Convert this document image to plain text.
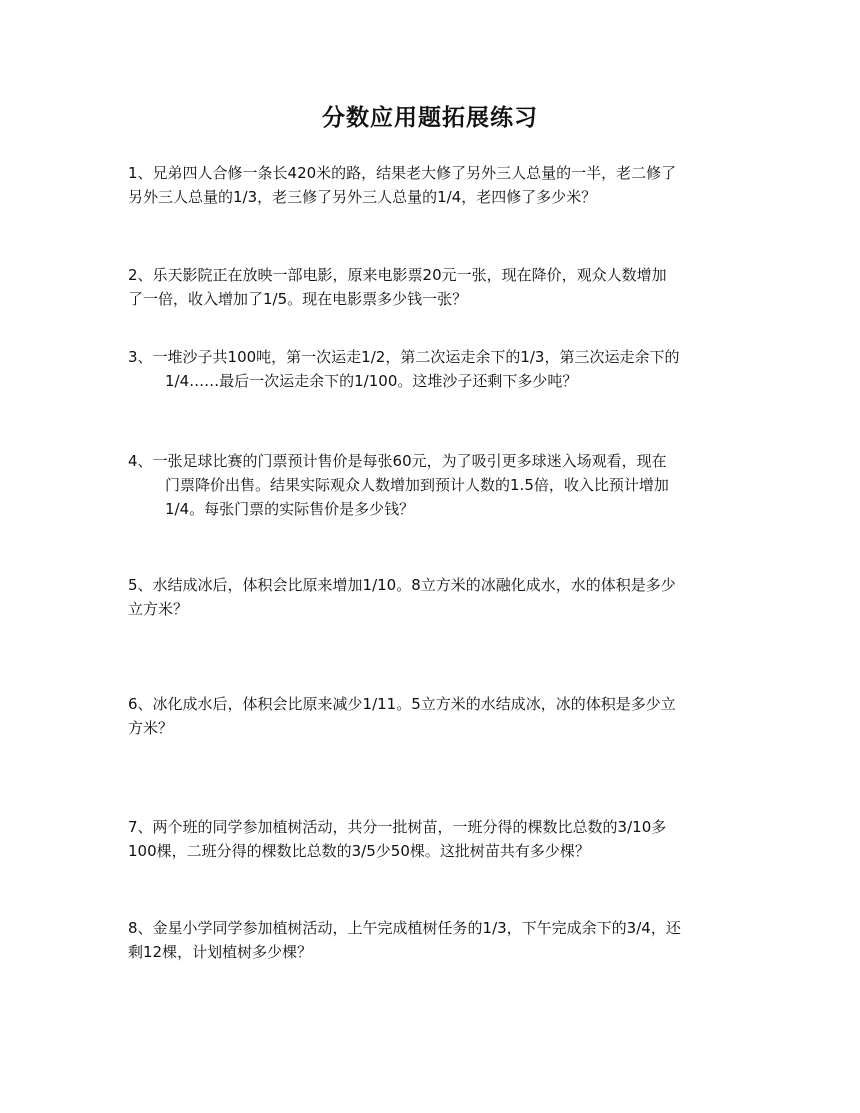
分数应用题拓展练习
1、兄弟四人合修一条长420米的路，结果老大修了另外三人总量的一半，老二修了
另外三人总量的1/3，老三修了另外三人总量的1/4，老四修了多少米？
2、乐天影院正在放映一部电影，原来电影票20元一张，现在降价，观众人数增加
了一倍，收入增加了1/5。现在电影票多少钱一张？
3、一堆沙子共100吨，第一次运走1/2，第二次运走余下的1/3，第三次运走余下的
1/4……最后一次运走余下的1/100。这堆沙子还剩下多少吨？
4、一张足球比赛的门票预计售价是每张60元，为了吸引更多球迷入场观看，现在
门票降价出售。结果实际观众人数增加到预计人数的1.5倍，收入比预计增加
1/4。每张门票的实际售价是多少钱？
5、水结成冰后，体积会比原来增加1/10。8立方米的冰融化成水，水的体积是多少
立方米？
6、冰化成水后，体积会比原来减少1/11。5立方米的水结成冰，冰的体积是多少立
方米？
7、两个班的同学参加植树活动，共分一批树苗，一班分得的棵数比总数的3/10多
100棵，二班分得的棵数比总数的3/5少50棵。这批树苗共有多少棵？
8、金星小学同学参加植树活动，上午完成植树任务的1/3，下午完成余下的3/4，还
剩12棵，计划植树多少棵？
